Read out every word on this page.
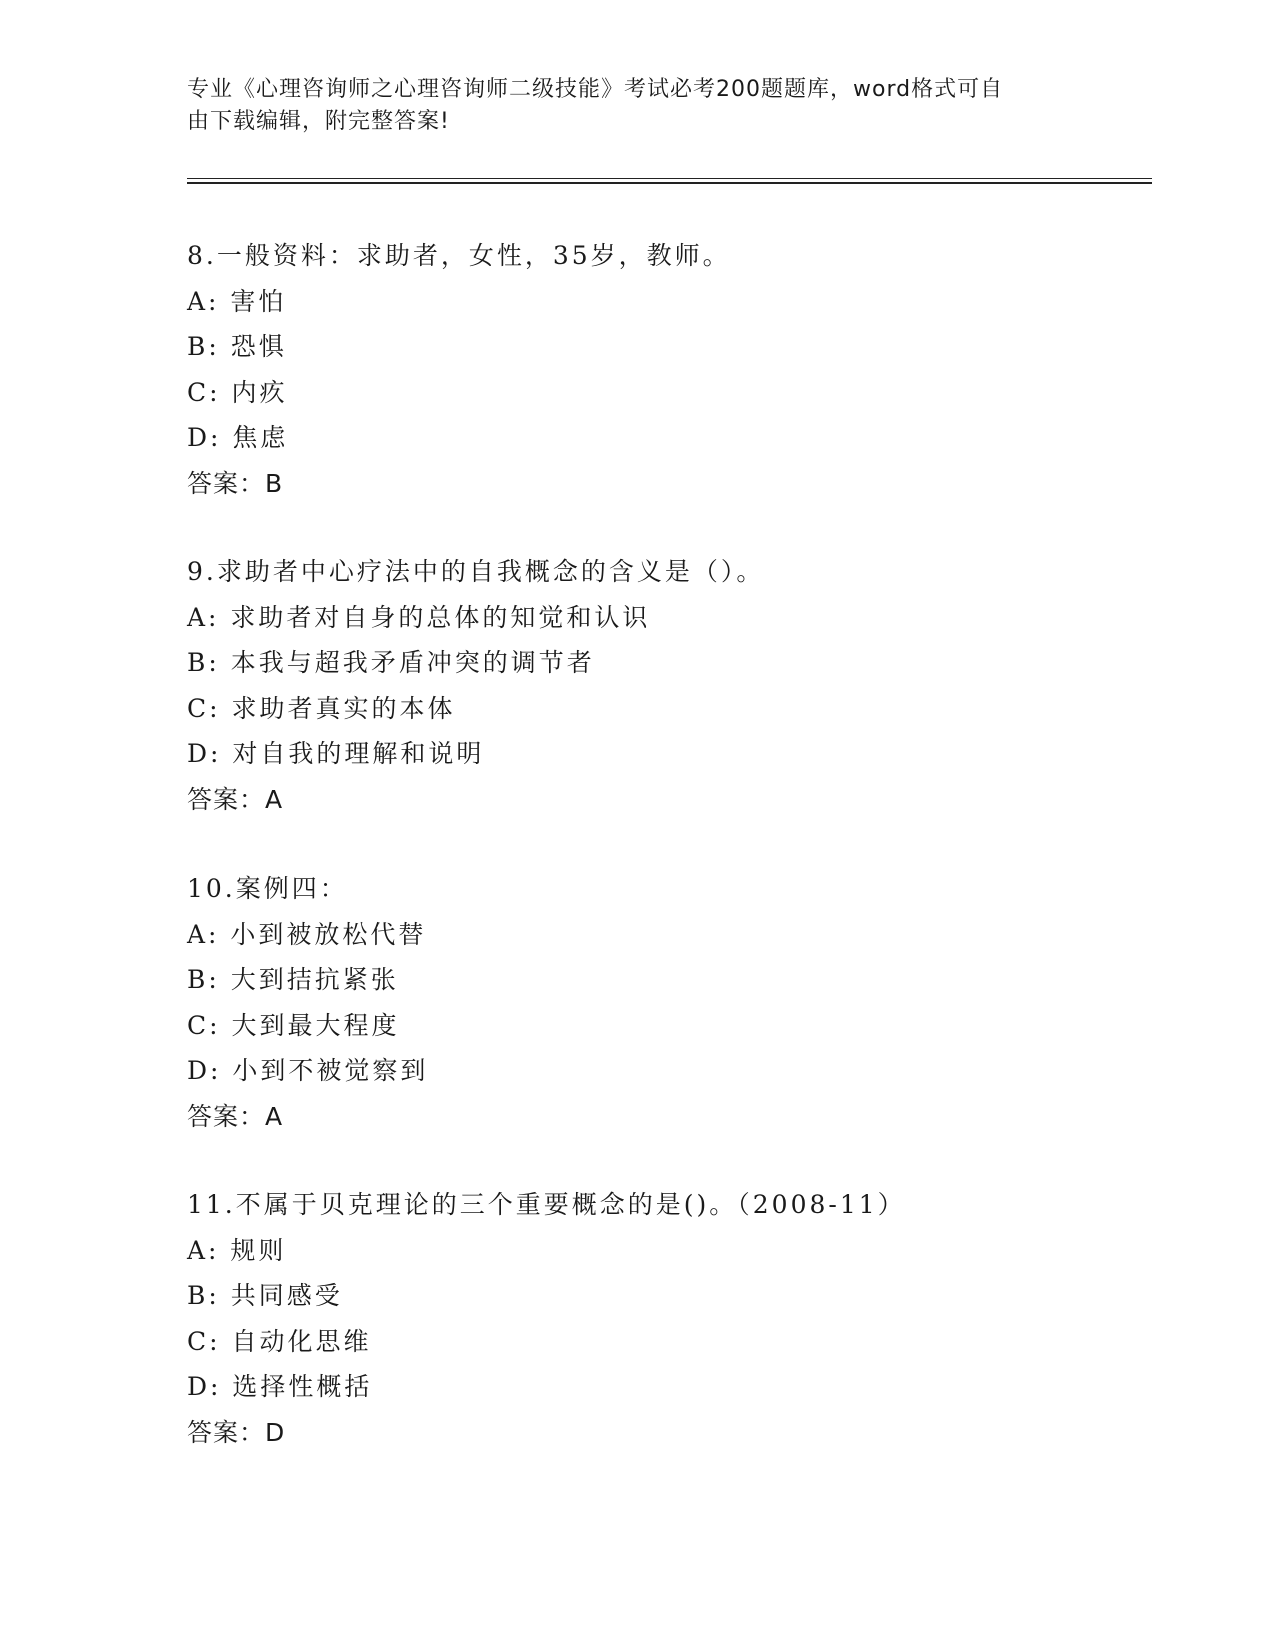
专业《心理咨询师之心理咨询师二级技能》考试必考200题题库，word格式可自
由下载编辑，附完整答案!
8.一般资料：求助者，女性，35岁，教师。
A: 害怕
B: 恐惧
C: 内疚
D: 焦虑
答案：B
9.求助者中心疗法中的自我概念的含义是（）。
A: 求助者对自身的总体的知觉和认识
B: 本我与超我矛盾冲突的调节者
C: 求助者真实的本体
D: 对自我的理解和说明
答案：A
10.案例四：
A: 小到被放松代替
B: 大到拮抗紧张
C: 大到最大程度
D: 小到不被觉察到
答案：A
11.不属于贝克理论的三个重要概念的是()。（2008-11）
A: 规则
B: 共同感受
C: 自动化思维
D: 选择性概括
答案：D
